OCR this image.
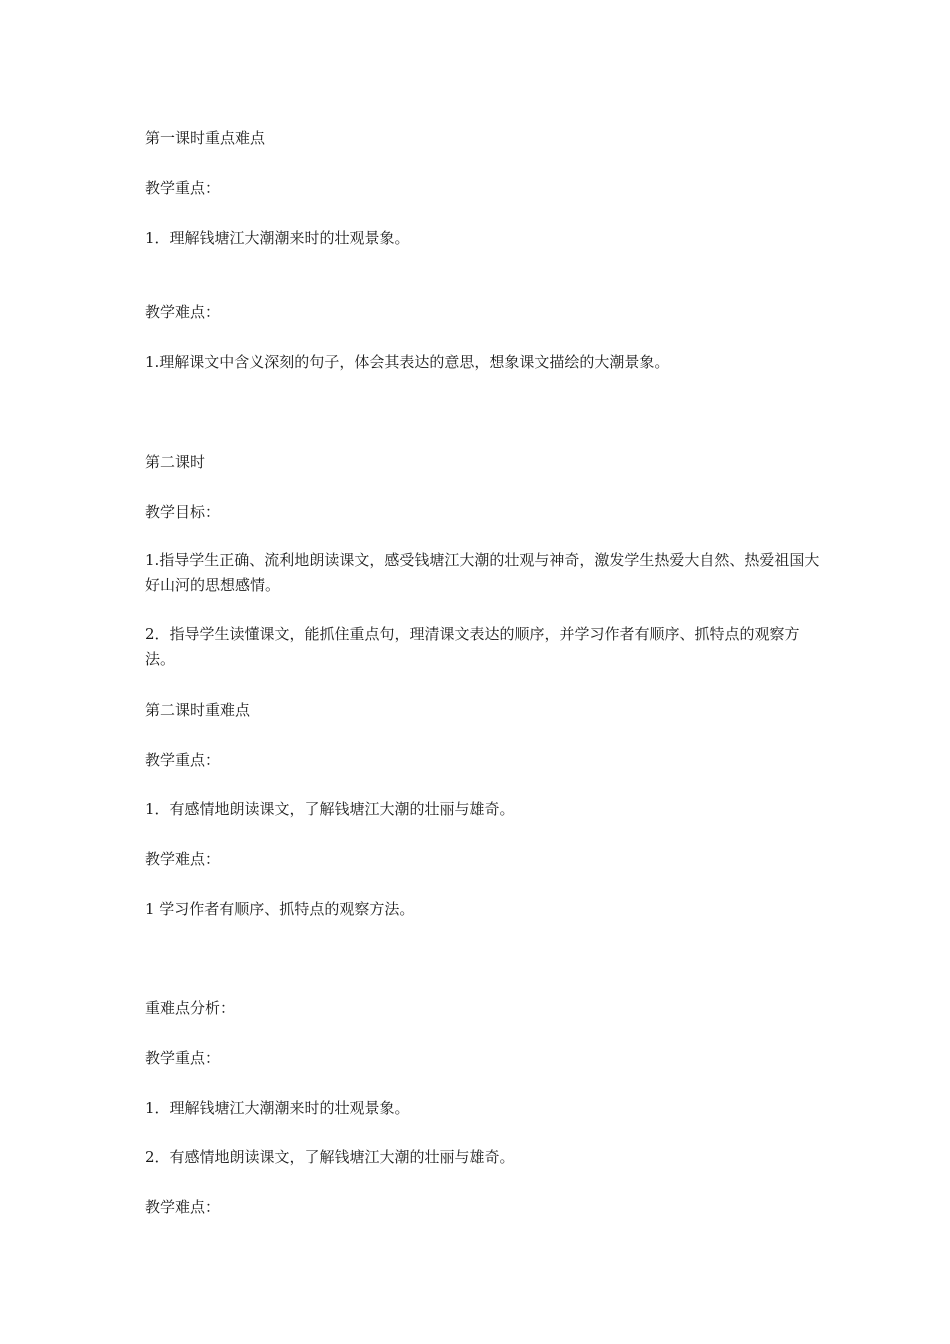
第一课时重点难点
教学重点：
1．理解钱塘江大潮潮来时的壮观景象。
教学难点：
1.理解课文中含义深刻的句子，体会其表达的意思，想象课文描绘的大潮景象。
第二课时
教学目标：
1.指导学生正确、流利地朗读课文，感受钱塘江大潮的壮观与神奇，激发学生热爱大自然、热爱祖国大好山河的思想感情。
2．指导学生读懂课文，能抓住重点句，理清课文表达的顺序，并学习作者有顺序、抓特点的观察方法。
第二课时重难点
教学重点：
1．有感情地朗读课文，了解钱塘江大潮的壮丽与雄奇。
教学难点：
1 学习作者有顺序、抓特点的观察方法。
重难点分析：
教学重点：
1．理解钱塘江大潮潮来时的壮观景象。
2．有感情地朗读课文，了解钱塘江大潮的壮丽与雄奇。
教学难点：
